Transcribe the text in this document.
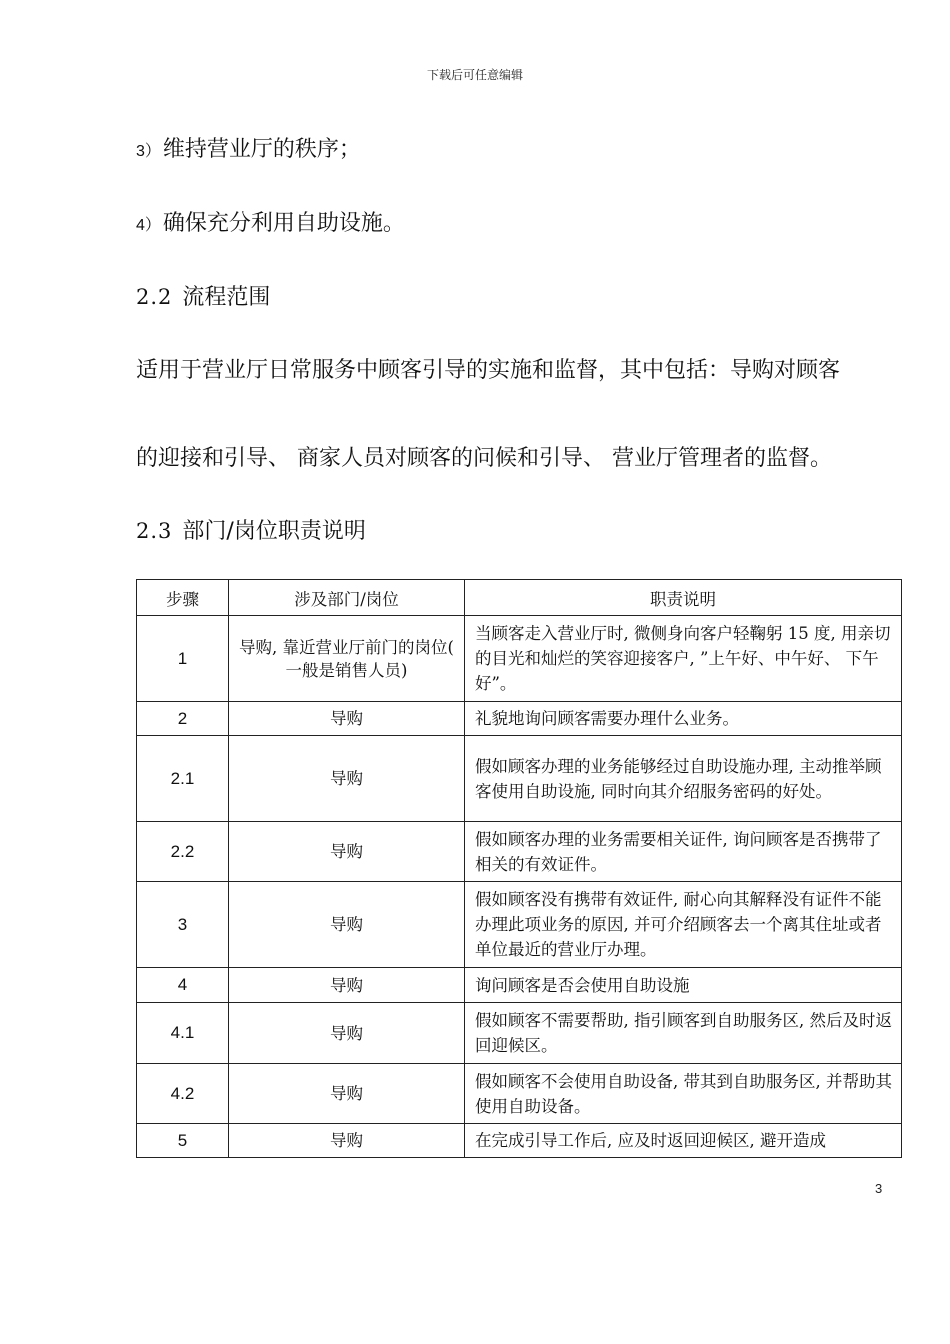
下载后可任意编辑
3）维持营业厅的秩序；
4）确保充分利用自助设施。
2.2 流程范围
适用于营业厅日常服务中顾客引导的实施和监督，其中包括：导购对顾客
的迎接和引导、 商家人员对顾客的问候和引导、 营业厅管理者的监督。
2.3 部门/岗位职责说明
步骤	涉及部门/岗位	职责说明
1	导购, 靠近营业厅前门的岗位( 一般是销售人员)	当顾客走入营业厅时, 微侧身向客户轻鞠躬 15 度, 用亲切的目光和灿烂的笑容迎接客户, ”上午好、中午好、 下午好”。
2	导购	礼貌地询问顾客需要办理什么业务。
2.1	导购	假如顾客办理的业务能够经过自助设施办理, 主动推举顾客使用自助设施, 同时向其介绍服务密码的好处。
2.2	导购	假如顾客办理的业务需要相关证件, 询问顾客是否携带了相关的有效证件。
3	导购	假如顾客没有携带有效证件, 耐心向其解释没有证件不能办理此项业务的原因, 并可介绍顾客去一个离其住址或者单位最近的营业厅办理。
4	导购	询问顾客是否会使用自助设施
4.1	导购	假如顾客不需要帮助, 指引顾客到自助服务区, 然后及时返回迎候区。
4.2	导购	假如顾客不会使用自助设备, 带其到自助服务区, 并帮助其使用自助设备。
5	导购	在完成引导工作后, 应及时返回迎候区, 避开造成
3
